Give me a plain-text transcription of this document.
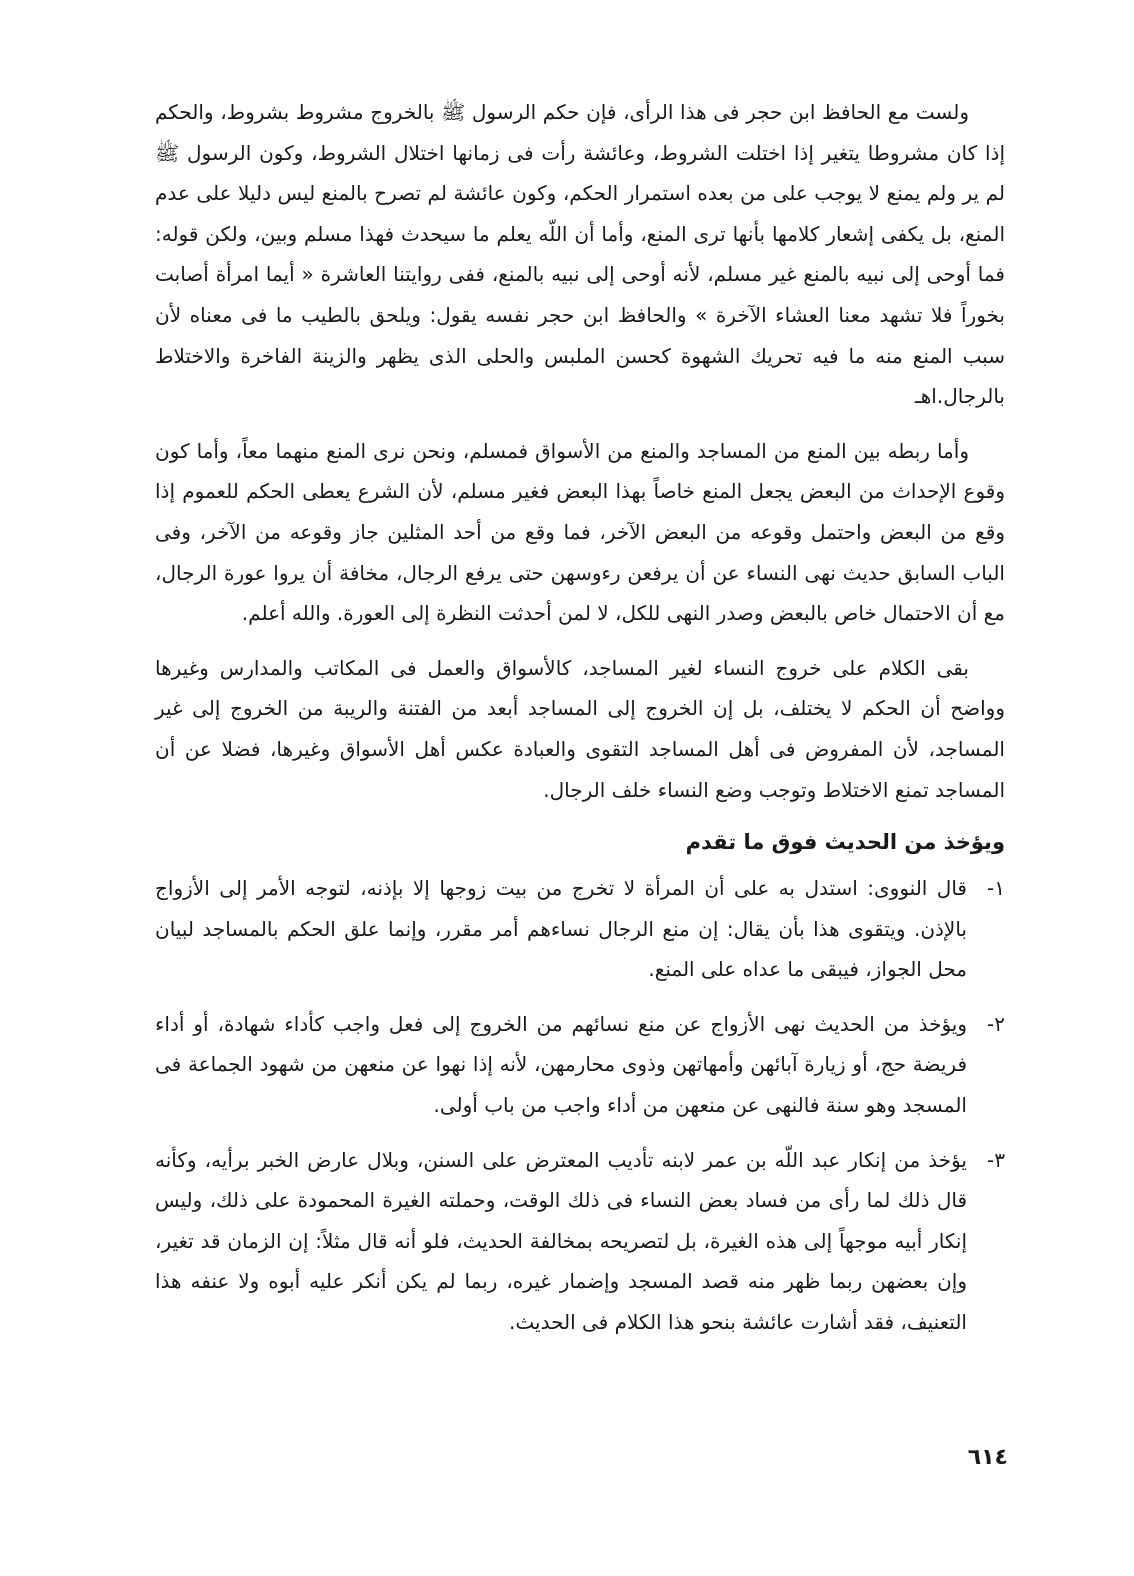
ولست مع الحافظ ابن حجر فى هذا الرأى، فإن حكم الرسول ﷺ بالخروج مشروط بشروط، والحكم إذا كان مشروطا يتغير إذا اختلت الشروط، وعائشة رأت فى زمانها اختلال الشروط، وكون الرسول ﷺ لم ير ولم يمنع لا يوجب على من بعده استمرار الحكم، وكون عائشة لم تصرح بالمنع ليس دليلا على عدم المنع، بل يكفى إشعار كلامها بأنها ترى المنع، وأما أن اللّه يعلم ما سيحدث فهذا مسلم وبين، ولكن قوله: فما أوحى إلى نبيه بالمنع غير مسلم، لأنه أوحى إلى نبيه بالمنع، ففى روايتنا العاشرة « أيما امرأة أصابت بخوراً فلا تشهد معنا العشاء الآخرة » والحافظ ابن حجر نفسه يقول: ويلحق بالطيب ما فى معناه لأن سبب المنع منه ما فيه تحريك الشهوة كحسن الملبس والحلى الذى يظهر والزينة الفاخرة والاختلاط بالرجال.اهـ

وأما ربطه بين المنع من المساجد والمنع من الأسواق فمسلم، ونحن نرى المنع منهما معاً، وأما كون وقوع الإحداث من البعض يجعل المنع خاصاً بهذا البعض فغير مسلم، لأن الشرع يعطى الحكم للعموم إذا وقع من البعض واحتمل وقوعه من البعض الآخر، فما وقع من أحد المثلين جاز وقوعه من الآخر، وفى الباب السابق حديث نهى النساء عن أن يرفعن رءوسهن حتى يرفع الرجال، مخافة أن يروا عورة الرجال، مع أن الاحتمال خاص بالبعض وصدر النهى للكل، لا لمن أحدثت النظرة إلى العورة. والله أعلم.

بقى الكلام على خروج النساء لغير المساجد، كالأسواق والعمل فى المكاتب والمدارس وغيرها وواضح أن الحكم لا يختلف، بل إن الخروج إلى المساجد أبعد من الفتنة والريبة من الخروج إلى غير المساجد، لأن المفروض فى أهل المساجد التقوى والعبادة عكس أهل الأسواق وغيرها، فضلا عن أن المساجد تمنع الاختلاط وتوجب وضع النساء خلف الرجال.

ويؤخذ من الحديث فوق ما تقدم
١-
قال النووى: استدل به على أن المرأة لا تخرج من بيت زوجها إلا بإذنه، لتوجه الأمر إلى الأزواج بالإذن. ويتقوى هذا بأن يقال: إن منع الرجال نساءهم أمر مقرر، وإنما علق الحكم بالمساجد لبيان محل الجواز، فيبقى ما عداه على المنع.
٢-
ويؤخذ من الحديث نهى الأزواج عن منع نسائهم من الخروج إلى فعل واجب كأداء شهادة، أو أداء فريضة حج، أو زيارة آبائهن وأمهاتهن وذوى محارمهن، لأنه إذا نهوا عن منعهن من شهود الجماعة فى المسجد وهو سنة فالنهى عن منعهن من أداء واجب من باب أولى.
٣-
يؤخذ من إنكار عبد اللّه بن عمر لابنه تأديب المعترض على السنن، وبلال عارض الخبر برأيه، وكأنه قال ذلك لما رأى من فساد بعض النساء فى ذلك الوقت، وحملته الغيرة المحمودة على ذلك، وليس إنكار أبيه موجهاً إلى هذه الغيرة، بل لتصريحه بمخالفة الحديث، فلو أنه قال مثلاً: إن الزمان قد تغير، وإن بعضهن ربما ظهر منه قصد المسجد وإضمار غيره، ربما لم يكن أنكر عليه أبوه ولا عنفه هذا التعنيف، فقد أشارت عائشة بنحو هذا الكلام فى الحديث.
٦١٤
